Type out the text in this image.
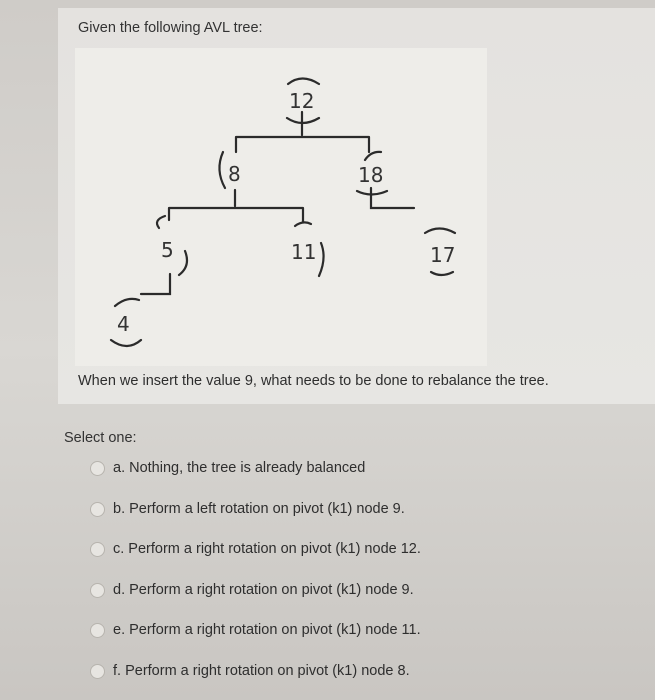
Given the following AVL tree:
12
8	18
5	11	17
4
When we insert the value 9, what needs to be done to rebalance the tree.
Select one:
a. Nothing, the tree is already balanced
b. Perform a left rotation on pivot (k1) node 9.
c. Perform a right rotation on pivot (k1) node 12.
d. Perform a right rotation on pivot (k1) node 9.
e. Perform a right rotation on pivot (k1) node 11.
f. Perform a right rotation on pivot (k1) node 8.
